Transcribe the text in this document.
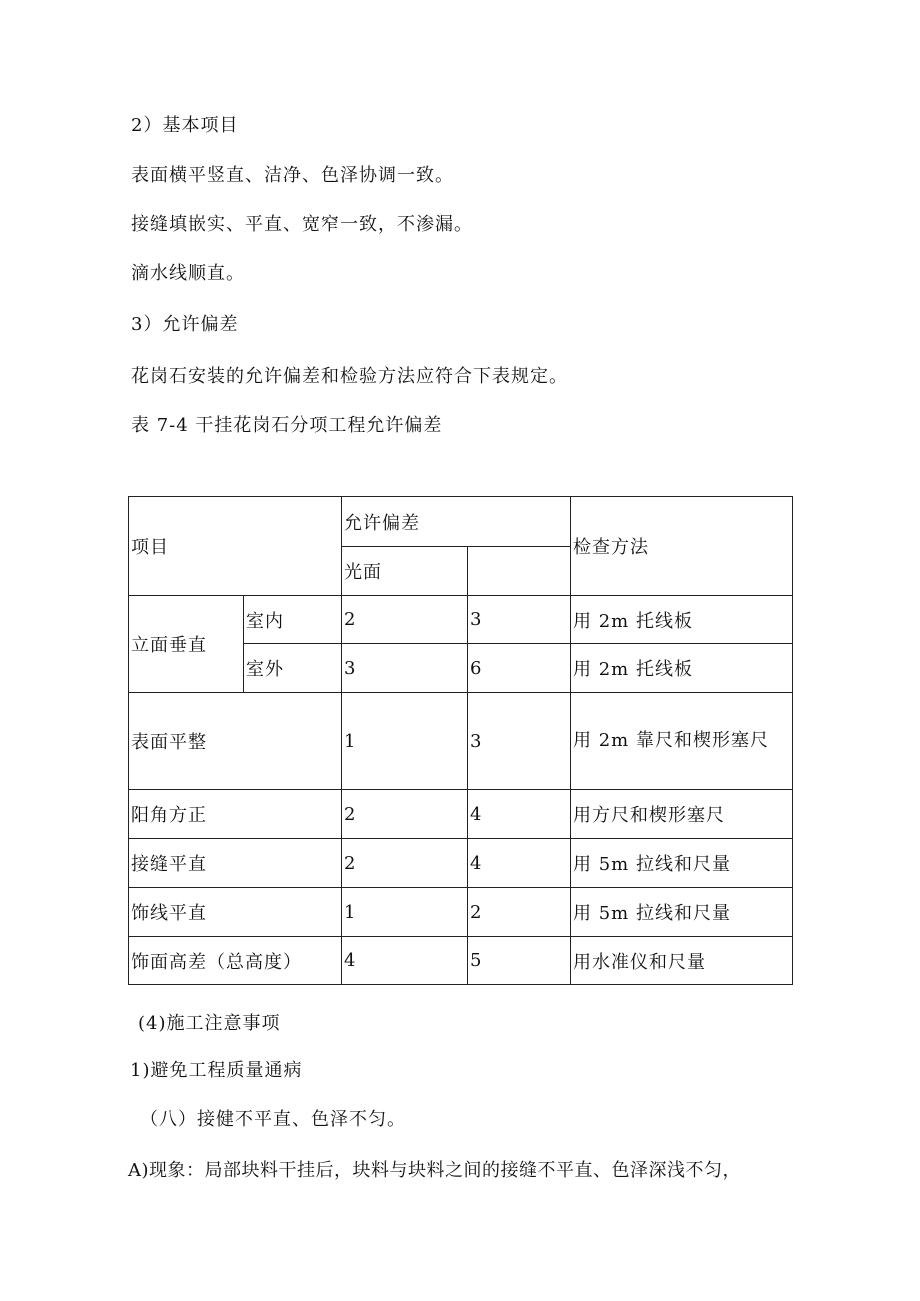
2）基本项目

表面横平竖直、洁净、色泽协调一致。

接缝填嵌实、平直、宽窄一致，不渗漏。

滴水线顺直。

3）允许偏差

花岗石安装的允许偏差和检验方法应符合下表规定。

表 7-4 干挂花岗石分项工程允许偏差

项目		允许偏差		检查方法
		光面		
立面垂直	室内	2	3	用 2m 托线板
	室外	3	6	用 2m 托线板
表面平整		1	3	用 2m 靠尺和楔形塞尺
阳角方正		2	4	用方尺和楔形塞尺
接缝平直		2	4	用 5m 拉线和尺量
饰线平直		1	2	用 5m 拉线和尺量
饰面高差（总高度）		4	5	用水准仪和尺量

(4)施工注意事项

1)避免工程质量通病

（八）接健不平直、色泽不匀。

A)现象：局部块料干挂后，块料与块料之间的接缝不平直、色泽深浅不匀，
